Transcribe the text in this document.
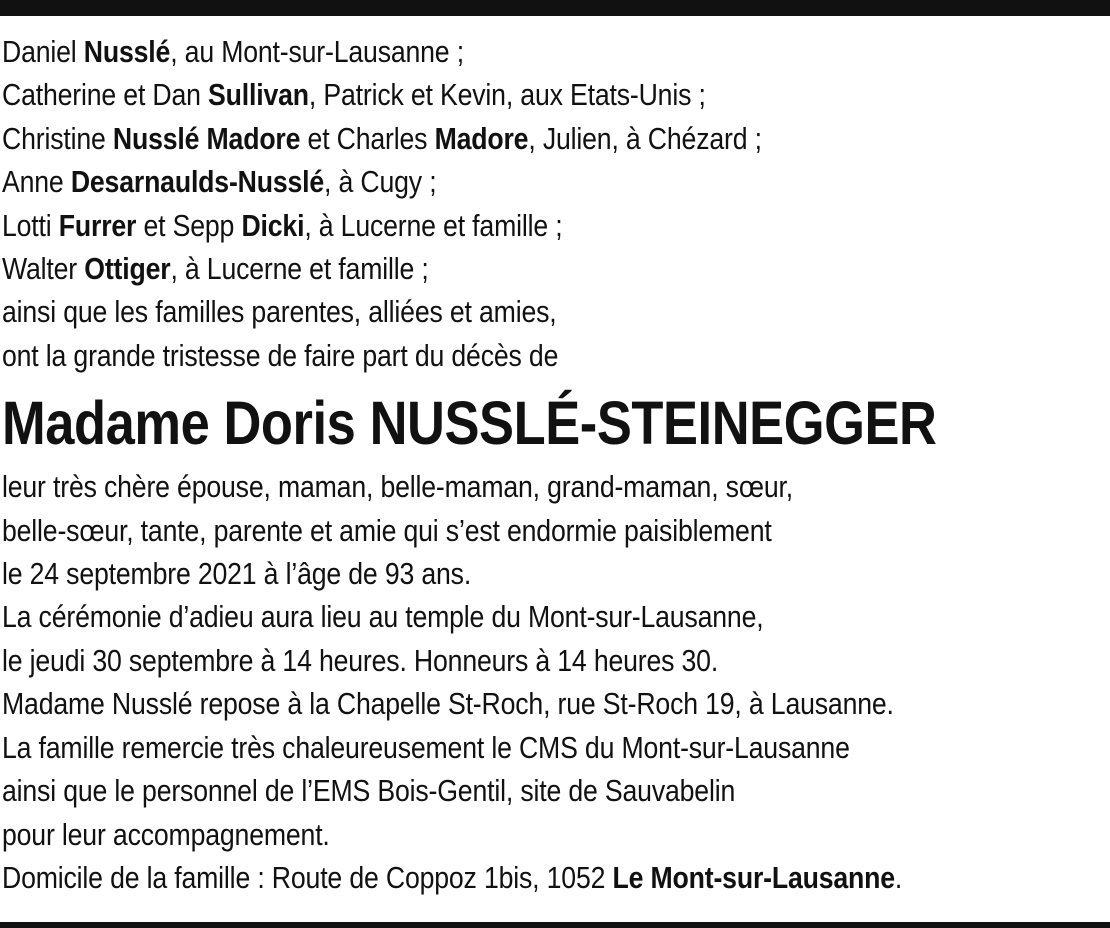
Daniel Nusslé, au Mont-sur-Lausanne ;
Catherine et Dan Sullivan, Patrick et Kevin, aux Etats-Unis ;
Christine Nusslé Madore et Charles Madore, Julien, à Chézard ;
Anne Desarnaulds-Nusslé, à Cugy ;
Lotti Furrer et Sepp Dicki, à Lucerne et famille ;
Walter Ottiger, à Lucerne et famille ;
ainsi que les familles parentes, alliées et amies,
ont la grande tristesse de faire part du décès de
Madame Doris NUSSLÉ-STEINEGGER
leur très chère épouse, maman, belle-maman, grand-maman, sœur,
belle-sœur, tante, parente et amie qui s’est endormie paisiblement
le 24 septembre 2021 à l’âge de 93 ans.
La cérémonie d’adieu aura lieu au temple du Mont-sur-Lausanne,
le jeudi 30 septembre à 14 heures. Honneurs à 14 heures 30.
Madame Nusslé repose à la Chapelle St-Roch, rue St-Roch 19, à Lausanne.
La famille remercie très chaleureusement le CMS du Mont-sur-Lausanne
ainsi que le personnel de l’EMS Bois-Gentil, site de Sauvabelin
pour leur accompagnement.
Domicile de la famille : Route de Coppoz 1bis, 1052 Le Mont-sur-Lausanne.
